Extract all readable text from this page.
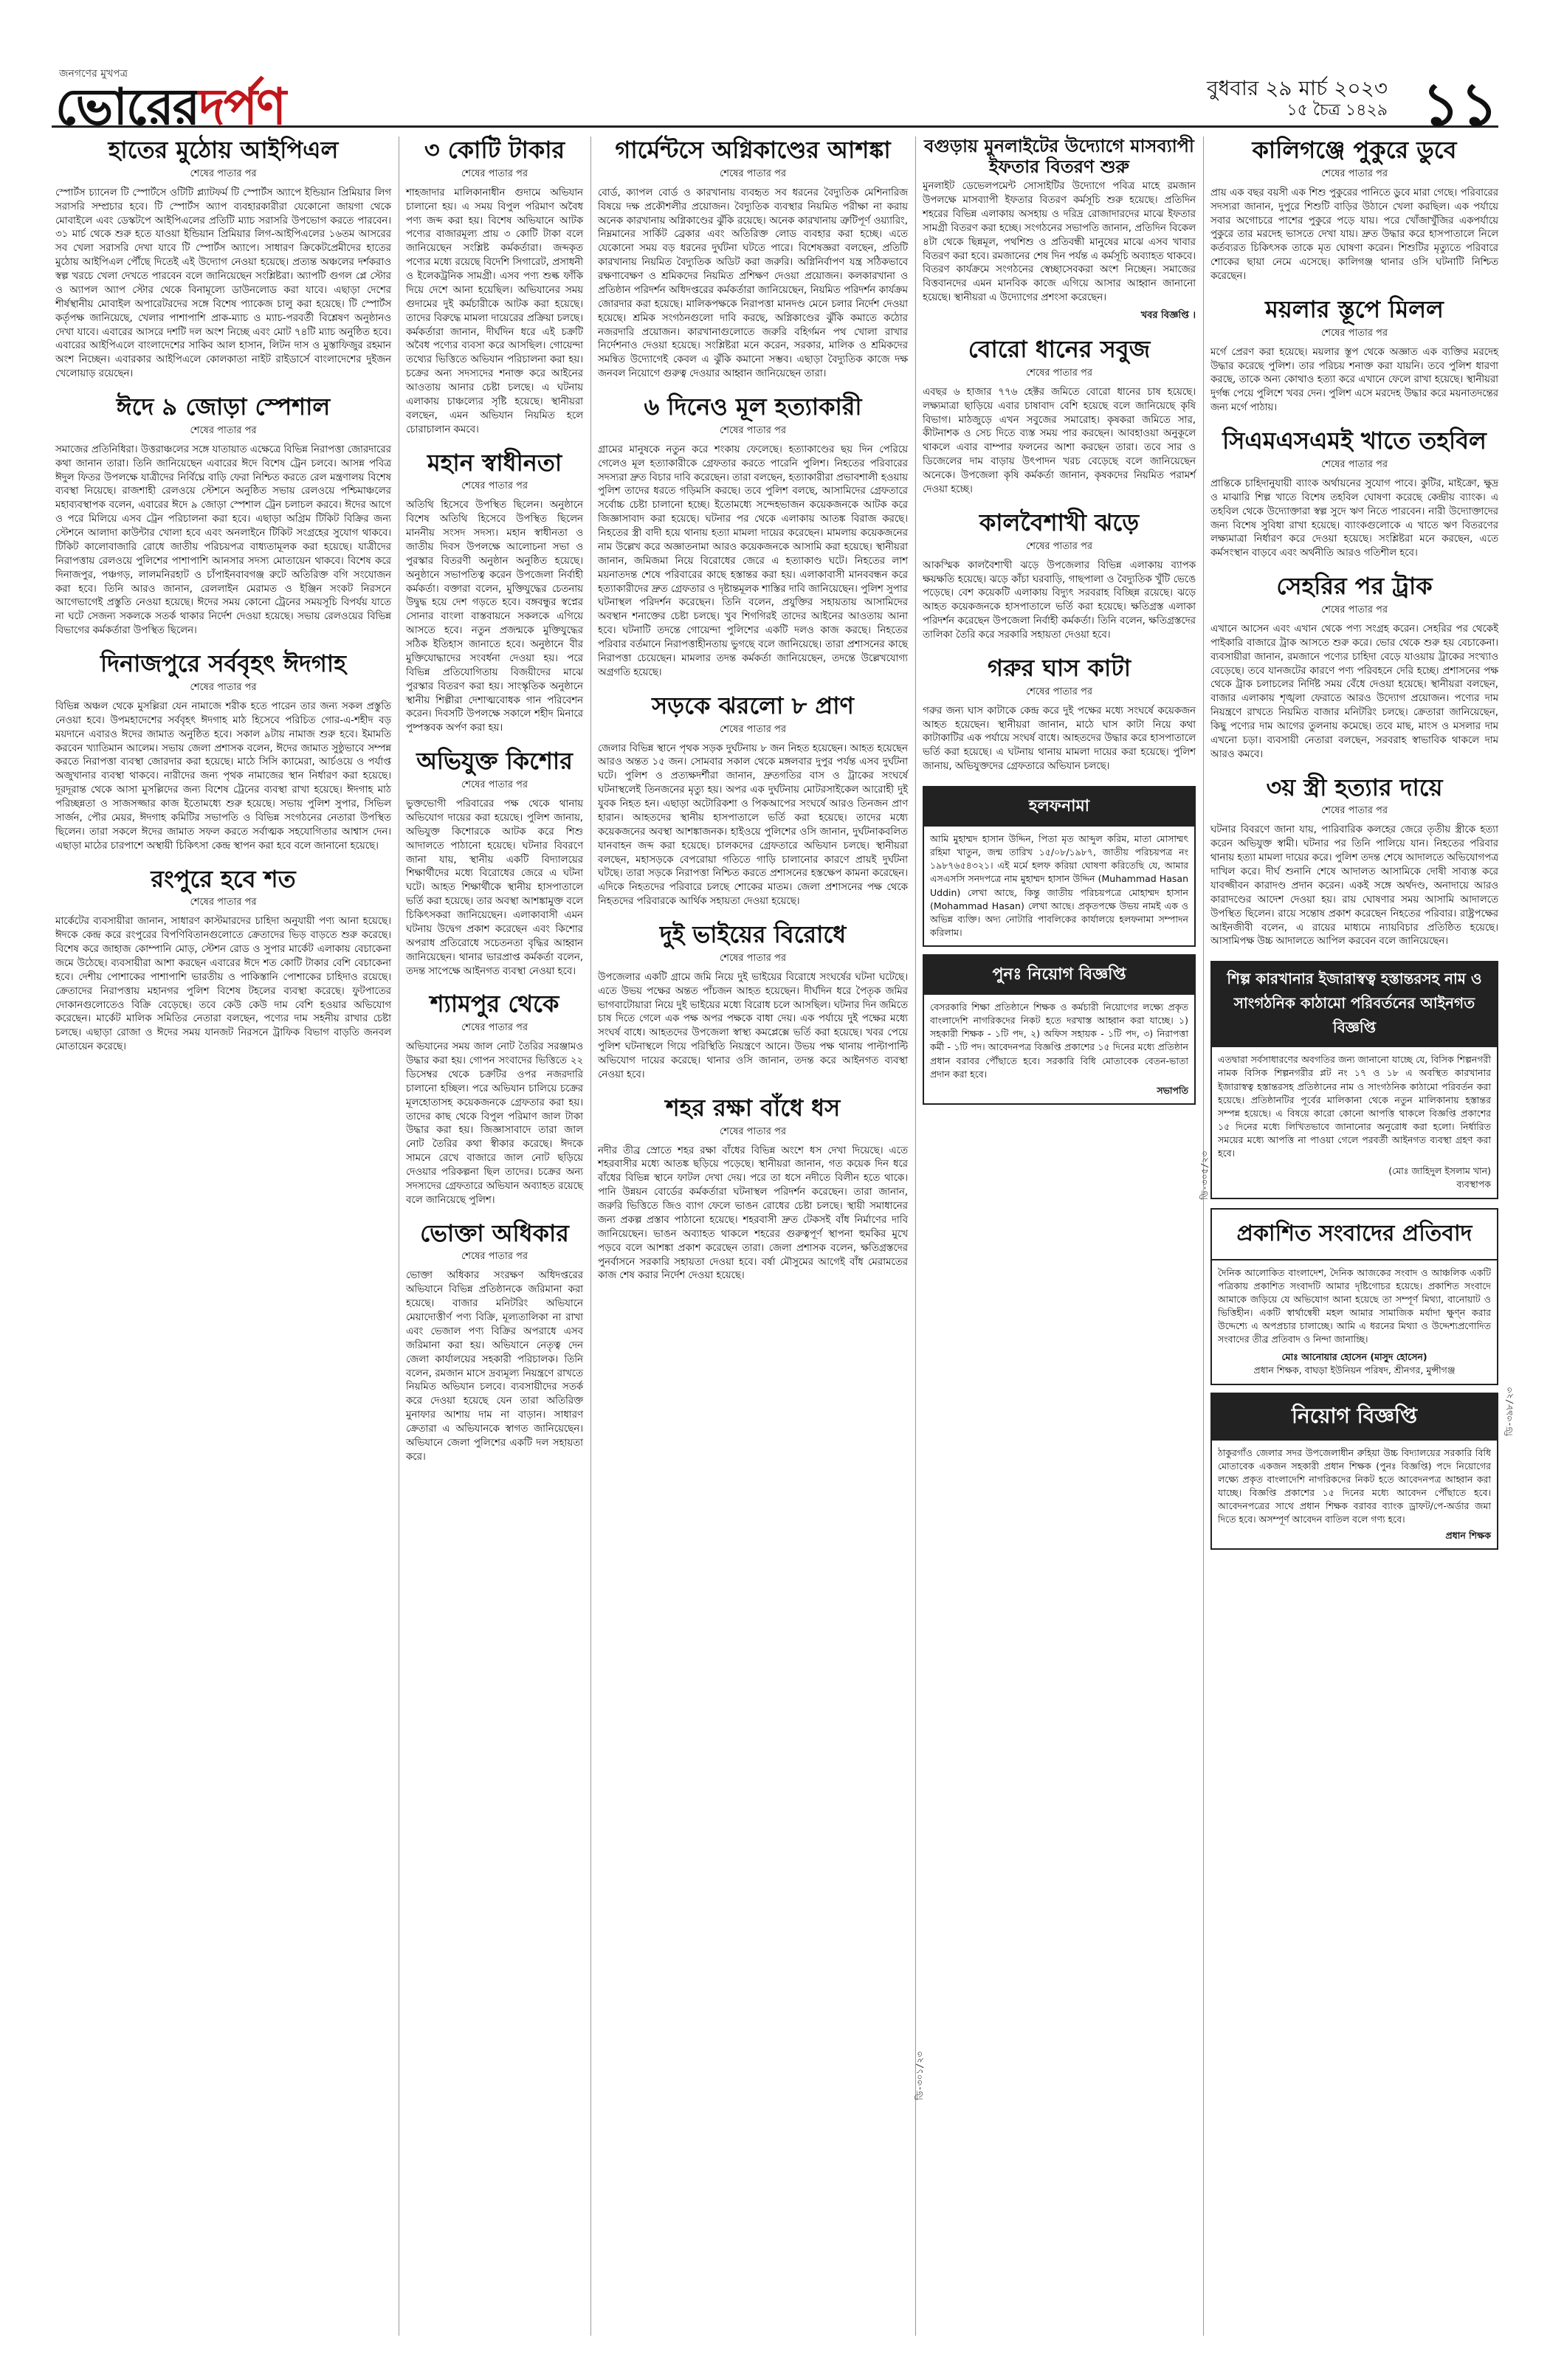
জনগণের মুখপত্র
ভোরেরদর্পণ	বুধবার ২৯ মার্চ ২০২৩
১৫ চৈত্র ১৪২৯ ১১
হাতের মুঠোয় আইপিএল
শেষের পাতার পর

স্পোর্টস চ্যানেল টি স্পোর্টসে ওটিটি প্ল্যাটফর্ম টি স্পোর্টস অ্যাপে ইন্ডিয়ান প্রিমিয়ার লিগ সরাসরি সম্প্রচার হবে। টি স্পোর্টস অ্যাপ ব্যবহারকারীরা যেকোনো জায়গা থেকে মোবাইলে এবং ডেস্কটপে আইপিএলের প্রতিটি ম্যাচ সরাসরি উপভোগ করতে পারবেন। ৩১ মার্চ থেকে শুরু হতে যাওয়া ইন্ডিয়ান প্রিমিয়ার লিগ-আইপিএলের ১৬তম আসরের সব খেলা সরাসরি দেখা যাবে টি স্পোর্টস অ্যাপে। সাধারণ ক্রিকেটপ্রেমীদের হাতের মুঠোয় আইপিএল পৌঁছে দিতেই এই উদ্যোগ নেওয়া হয়েছে। প্রত্যন্ত অঞ্চলের দর্শকরাও স্বল্প খরচে খেলা দেখতে পারবেন বলে জানিয়েছেন সংশ্লিষ্টরা। অ্যাপটি গুগল প্লে স্টোর ও অ্যাপল অ্যাপ স্টোর থেকে বিনামূল্যে ডাউনলোড করা যাবে। এছাড়া দেশের শীর্ষস্থানীয় মোবাইল অপারেটরদের সঙ্গে বিশেষ প্যাকেজ চালু করা হয়েছে। টি স্পোর্টস কর্তৃপক্ষ জানিয়েছে, খেলার পাশাপাশি প্রাক-ম্যাচ ও ম্যাচ-পরবর্তী বিশ্লেষণ অনুষ্ঠানও দেখা যাবে। এবারের আসরে দশটি দল অংশ নিচ্ছে এবং মোট ৭৪টি ম্যাচ অনুষ্ঠিত হবে। এবারের আইপিএলে বাংলাদেশের সাকিব আল হাসান, লিটন দাস ও মুস্তাফিজুর রহমান অংশ নিচ্ছেন। এবারকার আইপিএলে কোলকাতা নাইট রাইডার্সে বাংলাদেশের দুইজন খেলোয়াড় রয়েছেন।

ঈদে ৯ জোড়া স্পেশাল
শেষের পাতার পর

সমাজের প্রতিনিধিরা। উত্তরাঞ্চলের সঙ্গে যাতায়াত এক্ষেত্রে বিভিন্ন নিরাপত্তা জোরদারের কথা জানান তারা। তিনি জানিয়েছেন এবারের ঈদে বিশেষ ট্রেন চলবে। আসন্ন পবিত্র ঈদুল ফিতর উপলক্ষে যাত্রীদের নির্বিঘ্নে বাড়ি ফেরা নিশ্চিত করতে রেল মন্ত্রণালয় বিশেষ ব্যবস্থা নিয়েছে। রাজশাহী রেলওয়ে স্টেশনে অনুষ্ঠিত সভায় রেলওয়ে পশ্চিমাঞ্চলের মহাব্যবস্থাপক বলেন, এবারের ঈদে ৯ জোড়া স্পেশাল ট্রেন চলাচল করবে। ঈদের আগে ও পরে মিলিয়ে এসব ট্রেন পরিচালনা করা হবে। এছাড়া অগ্রিম টিকিট বিক্রির জন্য স্টেশনে আলাদা কাউন্টার খোলা হবে এবং অনলাইনে টিকিট সংগ্রহের সুযোগ থাকবে। টিকিট কালোবাজারি রোধে জাতীয় পরিচয়পত্র বাধ্যতামূলক করা হয়েছে। যাত্রীদের নিরাপত্তায় রেলওয়ে পুলিশের পাশাপাশি আনসার সদস্য মোতায়েন থাকবে। বিশেষ করে দিনাজপুর, পঞ্চগড়, লালমনিরহাট ও চাঁপাইনবাবগঞ্জ রুটে অতিরিক্ত বগি সংযোজন করা হবে। তিনি আরও জানান, রেললাইন মেরামত ও ইঞ্জিন সংকট নিরসনে আগেভাগেই প্রস্তুতি নেওয়া হয়েছে। ঈদের সময় কোনো ট্রেনের সময়সূচি বিপর্যয় যাতে না ঘটে সেজন্য সকলকে সতর্ক থাকার নির্দেশ দেওয়া হয়েছে। সভায় রেলওয়ের বিভিন্ন বিভাগের কর্মকর্তারা উপস্থিত ছিলেন।

দিনাজপুরে সর্ববৃহৎ ঈদগাহ
শেষের পাতার পর

বিভিন্ন অঞ্চল থেকে মুসল্লিরা যেন নামাজে শরীক হতে পারেন তার জন্য সকল প্রস্তুতি নেওয়া হবে। উপমহাদেশের সর্ববৃহৎ ঈদগাহ মাঠ হিসেবে পরিচিত গোর-এ-শহীদ বড় ময়দানে এবারও ঈদের জামাত অনুষ্ঠিত হবে। সকাল ৯টায় নামাজ শুরু হবে। ইমামতি করবেন খ্যাতিমান আলেম। সভায় জেলা প্রশাসক বলেন, ঈদের জামাত সুষ্ঠুভাবে সম্পন্ন করতে নিরাপত্তা ব্যবস্থা জোরদার করা হয়েছে। মাঠে সিসি ক্যামেরা, আর্চওয়ে ও পর্যাপ্ত অজুখানার ব্যবস্থা থাকবে। নারীদের জন্য পৃথক নামাজের স্থান নির্ধারণ করা হয়েছে। দূরদূরান্ত থেকে আসা মুসল্লিদের জন্য বিশেষ ট্রেনের ব্যবস্থা রাখা হয়েছে। ঈদগাহ মাঠ পরিচ্ছন্নতা ও সাজসজ্জার কাজ ইতোমধ্যে শুরু হয়েছে। সভায় পুলিশ সুপার, সিভিল সার্জন, পৌর মেয়র, ঈদগাহ কমিটির সভাপতি ও বিভিন্ন সংগঠনের নেতারা উপস্থিত ছিলেন। তারা সকলে ঈদের জামাত সফল করতে সর্বাত্মক সহযোগিতার আশ্বাস দেন। এছাড়া মাঠের চারপাশে অস্থায়ী চিকিৎসা কেন্দ্র স্থাপন করা হবে বলে জানানো হয়েছে।

রংপুরে হবে শত
শেষের পাতার পর

মার্কেটের ব্যবসায়ীরা জানান, সাধারণ কাস্টমারদের চাহিদা অনুযায়ী পণ্য আনা হয়েছে। ঈদকে কেন্দ্র করে রংপুরের বিপণিবিতানগুলোতে ক্রেতাদের ভিড় বাড়তে শুরু করেছে। বিশেষ করে জাহাজ কোম্পানি মোড়, স্টেশন রোড ও সুপার মার্কেট এলাকায় বেচাকেনা জমে উঠেছে। ব্যবসায়ীরা আশা করছেন এবারের ঈদে শত কোটি টাকার বেশি বেচাকেনা হবে। দেশীয় পোশাকের পাশাপাশি ভারতীয় ও পাকিস্তানি পোশাকের চাহিদাও রয়েছে। ক্রেতাদের নিরাপত্তায় মহানগর পুলিশ বিশেষ টহলের ব্যবস্থা করেছে। ফুটপাতের দোকানগুলোতেও বিক্রি বেড়েছে। তবে কেউ কেউ দাম বেশি হওয়ার অভিযোগ করেছেন। মার্কেট মালিক সমিতির নেতারা বলছেন, পণ্যের দাম সহনীয় রাখার চেষ্টা চলছে। এছাড়া রোজা ও ঈদের সময় যানজট নিরসনে ট্রাফিক বিভাগ বাড়তি জনবল মোতায়েন করেছে।

৩ কোটি টাকার
শেষের পাতার পর

শাহজাদার মালিকানাধীন গুদামে অভিযান চালানো হয়। এ সময় বিপুল পরিমাণ অবৈধ পণ্য জব্দ করা হয়। বিশেষ অভিযানে আটক পণ্যের বাজারমূল্য প্রায় ৩ কোটি টাকা বলে জানিয়েছেন সংশ্লিষ্ট কর্মকর্তারা। জব্দকৃত পণ্যের মধ্যে রয়েছে বিদেশি সিগারেট, প্রসাধনী ও ইলেকট্রনিক সামগ্রী। এসব পণ্য শুল্ক ফাঁকি দিয়ে দেশে আনা হয়েছিল। অভিযানের সময় গুদামের দুই কর্মচারীকে আটক করা হয়েছে। তাদের বিরুদ্ধে মামলা দায়েরের প্রক্রিয়া চলছে। কর্মকর্তারা জানান, দীর্ঘদিন ধরে এই চক্রটি অবৈধ পণ্যের ব্যবসা করে আসছিল। গোয়েন্দা তথ্যের ভিত্তিতে অভিযান পরিচালনা করা হয়। চক্রের অন্য সদস্যদের শনাক্ত করে আইনের আওতায় আনার চেষ্টা চলছে। এ ঘটনায় এলাকায় চাঞ্চল্যের সৃষ্টি হয়েছে। স্থানীয়রা বলছেন, এমন অভিযান নিয়মিত হলে চোরাচালান কমবে।

মহান স্বাধীনতা
শেষের পাতার পর

অতিথি হিসেবে উপস্থিত ছিলেন। অনুষ্ঠানে বিশেষ অতিথি হিসেবে উপস্থিত ছিলেন মাননীয় সংসদ সদস্য। মহান স্বাধীনতা ও জাতীয় দিবস উপলক্ষে আলোচনা সভা ও পুরস্কার বিতরণী অনুষ্ঠান অনুষ্ঠিত হয়েছে। অনুষ্ঠানে সভাপতিত্ব করেন উপজেলা নির্বাহী কর্মকর্তা। বক্তারা বলেন, মুক্তিযুদ্ধের চেতনায় উদ্বুদ্ধ হয়ে দেশ গড়তে হবে। বঙ্গবন্ধুর স্বপ্নের সোনার বাংলা বাস্তবায়নে সকলকে এগিয়ে আসতে হবে। নতুন প্রজন্মকে মুক্তিযুদ্ধের সঠিক ইতিহাস জানাতে হবে। অনুষ্ঠানে বীর মুক্তিযোদ্ধাদের সংবর্ধনা দেওয়া হয়। পরে বিভিন্ন প্রতিযোগিতায় বিজয়ীদের মাঝে পুরস্কার বিতরণ করা হয়। সাংস্কৃতিক অনুষ্ঠানে স্থানীয় শিল্পীরা দেশাত্মবোধক গান পরিবেশন করেন। দিবসটি উপলক্ষে সকালে শহীদ মিনারে পুষ্পস্তবক অর্পণ করা হয়।

অভিযুক্ত কিশোর
শেষের পাতার পর

ভুক্তভোগী পরিবারের পক্ষ থেকে থানায় অভিযোগ দায়ের করা হয়েছে। পুলিশ জানায়, অভিযুক্ত কিশোরকে আটক করে শিশু আদালতে পাঠানো হয়েছে। ঘটনার বিবরণে জানা যায়, স্থানীয় একটি বিদ্যালয়ের শিক্ষার্থীদের মধ্যে বিরোধের জেরে এ ঘটনা ঘটে। আহত শিক্ষার্থীকে স্থানীয় হাসপাতালে ভর্তি করা হয়েছে। তার অবস্থা আশঙ্কামুক্ত বলে চিকিৎসকরা জানিয়েছেন। এলাকাবাসী এমন ঘটনায় উদ্বেগ প্রকাশ করেছেন এবং কিশোর অপরাধ প্রতিরোধে সচেতনতা বৃদ্ধির আহ্বান জানিয়েছেন। থানার ভারপ্রাপ্ত কর্মকর্তা বলেন, তদন্ত সাপেক্ষে আইনগত ব্যবস্থা নেওয়া হবে।

শ্যামপুর থেকে
শেষের পাতার পর

অভিযানের সময় জাল নোট তৈরির সরঞ্জামও উদ্ধার করা হয়। গোপন সংবাদের ভিত্তিতে ২২ ডিসেম্বর থেকে চক্রটির ওপর নজরদারি চালানো হচ্ছিল। পরে অভিযান চালিয়ে চক্রের মূলহোতাসহ কয়েকজনকে গ্রেফতার করা হয়। তাদের কাছ থেকে বিপুল পরিমাণ জাল টাকা উদ্ধার করা হয়। জিজ্ঞাসাবাদে তারা জাল নোট তৈরির কথা স্বীকার করেছে। ঈদকে সামনে রেখে বাজারে জাল নোট ছড়িয়ে দেওয়ার পরিকল্পনা ছিল তাদের। চক্রের অন্য সদস্যদের গ্রেফতারে অভিযান অব্যাহত রয়েছে বলে জানিয়েছে পুলিশ।

ভোক্তা অধিকার
শেষের পাতার পর

ভোক্তা অধিকার সংরক্ষণ অধিদপ্তরের অভিযানে বিভিন্ন প্রতিষ্ঠানকে জরিমানা করা হয়েছে। বাজার মনিটরিং অভিযানে মেয়াদোত্তীর্ণ পণ্য বিক্রি, মূল্যতালিকা না রাখা এবং ভেজাল পণ্য বিক্রির অপরাধে এসব জরিমানা করা হয়। অভিযানে নেতৃত্ব দেন জেলা কার্যালয়ের সহকারী পরিচালক। তিনি বলেন, রমজান মাসে দ্রব্যমূল্য নিয়ন্ত্রণে রাখতে নিয়মিত অভিযান চলবে। ব্যবসায়ীদের সতর্ক করে দেওয়া হয়েছে যেন তারা অতিরিক্ত মুনাফার আশায় দাম না বাড়ান। সাধারণ ক্রেতারা এ অভিযানকে স্বাগত জানিয়েছেন। অভিযানে জেলা পুলিশের একটি দল সহায়তা করে।

গার্মেন্টসে অগ্নিকাণ্ডের আশঙ্কা
শেষের পাতার পর

বোর্ড, ক্যাপল বোর্ড ও কারখানায় ব্যবহৃত সব ধরনের বৈদ্যুতিক মেশিনারিজ বিষয়ে দক্ষ প্রকৌশলীর প্রয়োজন। বৈদ্যুতিক ব্যবস্থার নিয়মিত পরীক্ষা না করায় অনেক কারখানায় অগ্নিকাণ্ডের ঝুঁকি রয়েছে। অনেক কারখানায় ত্রুটিপূর্ণ ওয়্যারিং, নিম্নমানের সার্কিট ব্রেকার এবং অতিরিক্ত লোড ব্যবহার করা হচ্ছে। এতে যেকোনো সময় বড় ধরনের দুর্ঘটনা ঘটতে পারে। বিশেষজ্ঞরা বলছেন, প্রতিটি কারখানায় নিয়মিত বৈদ্যুতিক অডিট করা জরুরি। অগ্নিনির্বাপণ যন্ত্র সঠিকভাবে রক্ষণাবেক্ষণ ও শ্রমিকদের নিয়মিত প্রশিক্ষণ দেওয়া প্রয়োজন। কলকারখানা ও প্রতিষ্ঠান পরিদর্শন অধিদপ্তরের কর্মকর্তারা জানিয়েছেন, নিয়মিত পরিদর্শন কার্যক্রম জোরদার করা হয়েছে। মালিকপক্ষকে নিরাপত্তা মানদণ্ড মেনে চলার নির্দেশ দেওয়া হয়েছে। শ্রমিক সংগঠনগুলো দাবি করছে, অগ্নিকাণ্ডের ঝুঁকি কমাতে কঠোর নজরদারি প্রয়োজন। কারখানাগুলোতে জরুরি বহির্গমন পথ খোলা রাখার নির্দেশনাও দেওয়া হয়েছে। সংশ্লিষ্টরা মনে করেন, সরকার, মালিক ও শ্রমিকদের সমন্বিত উদ্যোগেই কেবল এ ঝুঁকি কমানো সম্ভব। এছাড়া বৈদ্যুতিক কাজে দক্ষ জনবল নিয়োগে গুরুত্ব দেওয়ার আহ্বান জানিয়েছেন তারা।

৬ দিনেও মূল হত্যাকারী
শেষের পাতার পর

গ্রামের মানুষকে নতুন করে শংকায় ফেলেছে। হত্যাকাণ্ডের ছয় দিন পেরিয়ে গেলেও মূল হত্যাকারীকে গ্রেফতার করতে পারেনি পুলিশ। নিহতের পরিবারের সদস্যরা দ্রুত বিচার দাবি করেছেন। তারা বলছেন, হত্যাকারীরা প্রভাবশালী হওয়ায় পুলিশ তাদের ধরতে গড়িমসি করছে। তবে পুলিশ বলছে, আসামিদের গ্রেফতারে সর্বোচ্চ চেষ্টা চালানো হচ্ছে। ইতোমধ্যে সন্দেহভাজন কয়েকজনকে আটক করে জিজ্ঞাসাবাদ করা হয়েছে। ঘটনার পর থেকে এলাকায় আতঙ্ক বিরাজ করছে। নিহতের স্ত্রী বাদী হয়ে থানায় হত্যা মামলা দায়ের করেছেন। মামলায় কয়েকজনের নাম উল্লেখ করে অজ্ঞাতনামা আরও কয়েকজনকে আসামি করা হয়েছে। স্থানীয়রা জানান, জমিজমা নিয়ে বিরোধের জেরে এ হত্যাকাণ্ড ঘটে। নিহতের লাশ ময়নাতদন্ত শেষে পরিবারের কাছে হস্তান্তর করা হয়। এলাকাবাসী মানববন্ধন করে হত্যাকারীদের দ্রুত গ্রেফতার ও দৃষ্টান্তমূলক শাস্তির দাবি জানিয়েছেন। পুলিশ সুপার ঘটনাস্থল পরিদর্শন করেছেন। তিনি বলেন, প্রযুক্তির সহায়তায় আসামিদের অবস্থান শনাক্তের চেষ্টা চলছে। খুব শিগগিরই তাদের আইনের আওতায় আনা হবে। ঘটনাটি তদন্তে গোয়েন্দা পুলিশের একটি দলও কাজ করছে। নিহতের পরিবার বর্তমানে নিরাপত্তাহীনতায় ভুগছে বলে জানিয়েছে। তারা প্রশাসনের কাছে নিরাপত্তা চেয়েছেন। মামলার তদন্ত কর্মকর্তা জানিয়েছেন, তদন্তে উল্লেখযোগ্য অগ্রগতি হয়েছে।

সড়কে ঝরলো ৮ প্রাণ
শেষের পাতার পর

জেলার বিভিন্ন স্থানে পৃথক সড়ক দুর্ঘটনায় ৮ জন নিহত হয়েছেন। আহত হয়েছেন আরও অন্তত ১৫ জন। সোমবার সকাল থেকে মঙ্গলবার দুপুর পর্যন্ত এসব দুর্ঘটনা ঘটে। পুলিশ ও প্রত্যক্ষদর্শীরা জানান, দ্রুতগতির বাস ও ট্রাকের সংঘর্ষে ঘটনাস্থলেই তিনজনের মৃত্যু হয়। অপর এক দুর্ঘটনায় মোটরসাইকেল আরোহী দুই যুবক নিহত হন। এছাড়া অটোরিকশা ও পিকআপের সংঘর্ষে আরও তিনজন প্রাণ হারান। আহতদের স্থানীয় হাসপাতালে ভর্তি করা হয়েছে। তাদের মধ্যে কয়েকজনের অবস্থা আশঙ্কাজনক। হাইওয়ে পুলিশের ওসি জানান, দুর্ঘটনাকবলিত যানবাহন জব্দ করা হয়েছে। চালকদের গ্রেফতারে অভিযান চলছে। স্থানীয়রা বলছেন, মহাসড়কে বেপরোয়া গতিতে গাড়ি চালানোর কারণে প্রায়ই দুর্ঘটনা ঘটছে। তারা সড়কে নিরাপত্তা নিশ্চিত করতে প্রশাসনের হস্তক্ষেপ কামনা করেছেন। এদিকে নিহতদের পরিবারে চলছে শোকের মাতম। জেলা প্রশাসনের পক্ষ থেকে নিহতদের পরিবারকে আর্থিক সহায়তা দেওয়া হয়েছে।

দুই ভাইয়ের বিরোধে
শেষের পাতার পর

উপজেলার একটি গ্রামে জমি নিয়ে দুই ভাইয়ের বিরোধে সংঘর্ষের ঘটনা ঘটেছে। এতে উভয় পক্ষের অন্তত পাঁচজন আহত হয়েছেন। দীর্ঘদিন ধরে পৈতৃক জমির ভাগবাটোয়ারা নিয়ে দুই ভাইয়ের মধ্যে বিরোধ চলে আসছিল। ঘটনার দিন জমিতে চাষ দিতে গেলে এক পক্ষ অপর পক্ষকে বাধা দেয়। এক পর্যায়ে দুই পক্ষের মধ্যে সংঘর্ষ বাধে। আহতদের উপজেলা স্বাস্থ্য কমপ্লেক্সে ভর্তি করা হয়েছে। খবর পেয়ে পুলিশ ঘটনাস্থলে গিয়ে পরিস্থিতি নিয়ন্ত্রণে আনে। উভয় পক্ষ থানায় পাল্টাপাল্টি অভিযোগ দায়ের করেছে। থানার ওসি জানান, তদন্ত করে আইনগত ব্যবস্থা নেওয়া হবে।

শহর রক্ষা বাঁধে ধস
শেষের পাতার পর

নদীর তীব্র স্রোতে শহর রক্ষা বাঁধের বিভিন্ন অংশে ধস দেখা দিয়েছে। এতে শহরবাসীর মধ্যে আতঙ্ক ছড়িয়ে পড়েছে। স্থানীয়রা জানান, গত কয়েক দিন ধরে বাঁধের বিভিন্ন স্থানে ফাটল দেখা দেয়। পরে তা ধসে নদীতে বিলীন হতে থাকে। পানি উন্নয়ন বোর্ডের কর্মকর্তারা ঘটনাস্থল পরিদর্শন করেছেন। তারা জানান, জরুরি ভিত্তিতে জিও ব্যাগ ফেলে ভাঙন রোধের চেষ্টা চলছে। স্থায়ী সমাধানের জন্য প্রকল্প প্রস্তাব পাঠানো হয়েছে। শহরবাসী দ্রুত টেকসই বাঁধ নির্মাণের দাবি জানিয়েছেন। ভাঙন অব্যাহত থাকলে শহরের গুরুত্বপূর্ণ স্থাপনা হুমকির মুখে পড়বে বলে আশঙ্কা প্রকাশ করেছেন তারা। জেলা প্রশাসক বলেন, ক্ষতিগ্রস্তদের পুনর্বাসনে সরকারি সহায়তা দেওয়া হবে। বর্ষা মৌসুমের আগেই বাঁধ মেরামতের কাজ শেষ করার নির্দেশ দেওয়া হয়েছে।

বগুড়ায় মুনলাইটের উদ্যোগে মাসব্যাপী ইফতার বিতরণ শুরু

মুনলাইট ডেভেলপমেন্ট সোসাইটির উদ্যোগে পবিত্র মাহে রমজান উপলক্ষে মাসব্যাপী ইফতার বিতরণ কর্মসূচি শুরু হয়েছে। প্রতিদিন শহরের বিভিন্ন এলাকায় অসহায় ও দরিদ্র রোজাদারদের মাঝে ইফতার সামগ্রী বিতরণ করা হচ্ছে। সংগঠনের সভাপতি জানান, প্রতিদিন বিকেল ৪টা থেকে ছিন্নমূল, পথশিশু ও প্রতিবন্ধী মানুষের মাঝে এসব খাবার বিতরণ করা হবে। রমজানের শেষ দিন পর্যন্ত এ কর্মসূচি অব্যাহত থাকবে। বিতরণ কার্যক্রমে সংগঠনের স্বেচ্ছাসেবকরা অংশ নিচ্ছেন। সমাজের বিত্তবানদের এমন মানবিক কাজে এগিয়ে আসার আহ্বান জানানো হয়েছে। স্থানীয়রা এ উদ্যোগের প্রশংসা করেছেন।

খবর বিজ্ঞপ্তি ।
বোরো ধানের সবুজ
শেষের পাতার পর

এবছর ৬ হাজার ৭৭৬ হেক্টর জমিতে বোরো ধানের চাষ হয়েছে। লক্ষ্যমাত্রা ছাড়িয়ে এবার চাষাবাদ বেশি হয়েছে বলে জানিয়েছে কৃষি বিভাগ। মাঠজুড়ে এখন সবুজের সমারোহ। কৃষকরা জমিতে সার, কীটনাশক ও সেচ দিতে ব্যস্ত সময় পার করছেন। আবহাওয়া অনুকূলে থাকলে এবার বাম্পার ফলনের আশা করছেন তারা। তবে সার ও ডিজেলের দাম বাড়ায় উৎপাদন খরচ বেড়েছে বলে জানিয়েছেন অনেকে। উপজেলা কৃষি কর্মকর্তা জানান, কৃষকদের নিয়মিত পরামর্শ দেওয়া হচ্ছে।

কালবৈশাখী ঝড়ে
শেষের পাতার পর

আকস্মিক কালবৈশাখী ঝড়ে উপজেলার বিভিন্ন এলাকায় ব্যাপক ক্ষয়ক্ষতি হয়েছে। ঝড়ে কাঁচা ঘরবাড়ি, গাছপালা ও বৈদ্যুতিক খুঁটি ভেঙে পড়েছে। বেশ কয়েকটি এলাকায় বিদ্যুৎ সরবরাহ বিচ্ছিন্ন রয়েছে। ঝড়ে আহত কয়েকজনকে হাসপাতালে ভর্তি করা হয়েছে। ক্ষতিগ্রস্ত এলাকা পরিদর্শন করেছেন উপজেলা নির্বাহী কর্মকর্তা। তিনি বলেন, ক্ষতিগ্রস্তদের তালিকা তৈরি করে সরকারি সহায়তা দেওয়া হবে।

গরুর ঘাস কাটা
শেষের পাতার পর

গরুর জন্য ঘাস কাটাকে কেন্দ্র করে দুই পক্ষের মধ্যে সংঘর্ষে কয়েকজন আহত হয়েছেন। স্থানীয়রা জানান, মাঠে ঘাস কাটা নিয়ে কথা কাটাকাটির এক পর্যায়ে সংঘর্ষ বাধে। আহতদের উদ্ধার করে হাসপাতালে ভর্তি করা হয়েছে। এ ঘটনায় থানায় মামলা দায়ের করা হয়েছে। পুলিশ জানায়, অভিযুক্তদের গ্রেফতারে অভিযান চলছে।

হলফনামা
আমি মুহাম্মদ হাসান উদ্দিন, পিতা মৃত আব্দুল করিম, মাতা মোসাম্মৎ রহিমা খাতুন, জন্ম তারিখ ১৫/০৮/১৯৮৭, জাতীয় পরিচয়পত্র নং ১৯৮৭৬৫৪৩২১। এই মর্মে হলফ করিয়া ঘোষণা করিতেছি যে, আমার এসএসসি সনদপত্রে নাম মুহাম্মদ হাসান উদ্দিন (Muhammad Hasan Uddin) লেখা আছে, কিন্তু জাতীয় পরিচয়পত্রে মোহাম্মদ হাসান (Mohammad Hasan) লেখা আছে। প্রকৃতপক্ষে উভয় নামই এক ও অভিন্ন ব্যক্তি। অদ্য নোটারি পাবলিকের কার্যালয়ে হলফনামা সম্পাদন করিলাম।
পুনঃ নিয়োগ বিজ্ঞপ্তি
বেসরকারি শিক্ষা প্রতিষ্ঠানে শিক্ষক ও কর্মচারী নিয়োগের লক্ষ্যে প্রকৃত বাংলাদেশি নাগরিকদের নিকট হতে দরখাস্ত আহ্বান করা যাচ্ছে। ১) সহকারী শিক্ষক - ১টি পদ, ২) অফিস সহায়ক - ১টি পদ, ৩) নিরাপত্তা কর্মী - ১টি পদ। আবেদনপত্র বিজ্ঞপ্তি প্রকাশের ১৫ দিনের মধ্যে প্রতিষ্ঠান প্রধান বরাবর পৌঁছাতে হবে। সরকারি বিধি মোতাবেক বেতন-ভাতা প্রদান করা হবে।
সভাপতি
কালিগঞ্জে পুকুরে ডুবে
শেষের পাতার পর

প্রায় এক বছর বয়সী এক শিশু পুকুরের পানিতে ডুবে মারা গেছে। পরিবারের সদস্যরা জানান, দুপুরে শিশুটি বাড়ির উঠানে খেলা করছিল। এক পর্যায়ে সবার অগোচরে পাশের পুকুরে পড়ে যায়। পরে খোঁজাখুঁজির একপর্যায়ে পুকুরে তার মরদেহ ভাসতে দেখা যায়। দ্রুত উদ্ধার করে হাসপাতালে নিলে কর্তব্যরত চিকিৎসক তাকে মৃত ঘোষণা করেন। শিশুটির মৃত্যুতে পরিবারে শোকের ছায়া নেমে এসেছে। কালিগঞ্জ থানার ওসি ঘটনাটি নিশ্চিত করেছেন।

ময়লার স্তূপে মিলল
শেষের পাতার পর

মর্গে প্রেরণ করা হয়েছে। ময়লার স্তূপ থেকে অজ্ঞাত এক ব্যক্তির মরদেহ উদ্ধার করেছে পুলিশ। তার পরিচয় শনাক্ত করা যায়নি। তবে পুলিশ ধারণা করছে, তাকে অন্য কোথাও হত্যা করে এখানে ফেলে রাখা হয়েছে। স্থানীয়রা দুর্গন্ধ পেয়ে পুলিশে খবর দেন। পুলিশ এসে মরদেহ উদ্ধার করে ময়নাতদন্তের জন্য মর্গে পাঠায়।

সিএমএসএমই খাতে তহবিল
শেষের পাতার পর

প্রান্তিকে চাহিদানুযায়ী ব্যাংক অর্থায়নের সুযোগ পাবে। কুটির, মাইক্রো, ক্ষুদ্র ও মাঝারি শিল্প খাতে বিশেষ তহবিল ঘোষণা করেছে কেন্দ্রীয় ব্যাংক। এ তহবিল থেকে উদ্যোক্তারা স্বল্প সুদে ঋণ নিতে পারবেন। নারী উদ্যোক্তাদের জন্য বিশেষ সুবিধা রাখা হয়েছে। ব্যাংকগুলোকে এ খাতে ঋণ বিতরণের লক্ষ্যমাত্রা নির্ধারণ করে দেওয়া হয়েছে। সংশ্লিষ্টরা মনে করছেন, এতে কর্মসংস্থান বাড়বে এবং অর্থনীতি আরও গতিশীল হবে।

সেহরির পর ট্রাক
শেষের পাতার পর

এখানে আসেন এবং এখান থেকে পণ্য সংগ্রহ করেন। সেহরির পর থেকেই পাইকারি বাজারে ট্রাক আসতে শুরু করে। ভোর থেকে শুরু হয় বেচাকেনা। ব্যবসায়ীরা জানান, রমজানে পণ্যের চাহিদা বেড়ে যাওয়ায় ট্রাকের সংখ্যাও বেড়েছে। তবে যানজটের কারণে পণ্য পরিবহনে দেরি হচ্ছে। প্রশাসনের পক্ষ থেকে ট্রাক চলাচলের নির্দিষ্ট সময় বেঁধে দেওয়া হয়েছে। স্থানীয়রা বলছেন, বাজার এলাকায় শৃঙ্খলা ফেরাতে আরও উদ্যোগ প্রয়োজন। পণ্যের দাম নিয়ন্ত্রণে রাখতে নিয়মিত বাজার মনিটরিং চলছে। ক্রেতারা জানিয়েছেন, কিছু পণ্যের দাম আগের তুলনায় কমেছে। তবে মাছ, মাংস ও মসলার দাম এখনো চড়া। ব্যবসায়ী নেতারা বলছেন, সরবরাহ স্বাভাবিক থাকলে দাম আরও কমবে।

৩য় স্ত্রী হত্যার দায়ে
শেষের পাতার পর

ঘটনার বিবরণে জানা যায়, পারিবারিক কলহের জেরে তৃতীয় স্ত্রীকে হত্যা করেন অভিযুক্ত স্বামী। ঘটনার পর তিনি পালিয়ে যান। নিহতের পরিবার থানায় হত্যা মামলা দায়ের করে। পুলিশ তদন্ত শেষে আদালতে অভিযোগপত্র দাখিল করে। দীর্ঘ শুনানি শেষে আদালত আসামিকে দোষী সাব্যস্ত করে যাবজ্জীবন কারাদণ্ড প্রদান করেন। একই সঙ্গে অর্থদণ্ড, অনাদায়ে আরও কারাদণ্ডের আদেশ দেওয়া হয়। রায় ঘোষণার সময় আসামি আদালতে উপস্থিত ছিলেন। রায়ে সন্তোষ প্রকাশ করেছেন নিহতের পরিবার। রাষ্ট্রপক্ষের আইনজীবী বলেন, এ রায়ের মাধ্যমে ন্যায়বিচার প্রতিষ্ঠিত হয়েছে। আসামিপক্ষ উচ্চ আদালতে আপিল করবেন বলে জানিয়েছেন।

শিল্প কারখানার ইজারাস্বত্ব হস্তান্তরসহ নাম ও সাংগঠনিক কাঠামো পরিবর্তনের আইনগত বিজ্ঞপ্তি
এতদ্বারা সর্বসাধারণের অবগতির জন্য জানানো যাচ্ছে যে, বিসিক শিল্পনগরী নামক বিসিক শিল্পনগরীর প্লট নং ১৭ ও ১৮ এ অবস্থিত কারখানার ইজারাস্বত্ব হস্তান্তরসহ প্রতিষ্ঠানের নাম ও সাংগঠনিক কাঠামো পরিবর্তন করা হয়েছে। প্রতিষ্ঠানটির পূর্বের মালিকানা থেকে নতুন মালিকানায় হস্তান্তর সম্পন্ন হয়েছে। এ বিষয়ে কারো কোনো আপত্তি থাকলে বিজ্ঞপ্তি প্রকাশের ১৫ দিনের মধ্যে লিখিতভাবে জানানোর অনুরোধ করা হলো। নির্ধারিত সময়ের মধ্যে আপত্তি না পাওয়া গেলে পরবর্তী আইনগত ব্যবস্থা গ্রহণ করা হবে।
(মোঃ জাহিদুল ইসলাম খান)
ব্যবস্থাপক
প্রকাশিত সংবাদের প্রতিবাদ
দৈনিক আলোকিত বাংলাদেশ, দৈনিক আজকের সংবাদ ও আঞ্চলিক একটি পত্রিকায় প্রকাশিত সংবাদটি আমার দৃষ্টিগোচর হয়েছে। প্রকাশিত সংবাদে আমাকে জড়িয়ে যে অভিযোগ আনা হয়েছে তা সম্পূর্ণ মিথ্যা, বানোয়াট ও ভিত্তিহীন। একটি স্বার্থান্বেষী মহল আমার সামাজিক মর্যাদা ক্ষুণ্ন করার উদ্দেশ্যে এ অপপ্রচার চালাচ্ছে। আমি এ ধরনের মিথ্যা ও উদ্দেশ্যপ্রণোদিত সংবাদের তীব্র প্রতিবাদ ও নিন্দা জানাচ্ছি।
মোঃ আনোয়ার হোসেন (মাসুদ হোসেন)
প্রধান শিক্ষক, বাঘড়া ইউনিয়ন পরিষদ, শ্রীনগর, মুন্সীগঞ্জ
নিয়োগ বিজ্ঞপ্তি
ঠাকুরগাঁও জেলার সদর উপজেলাধীন রুহিয়া উচ্চ বিদ্যালয়ের সরকারি বিধি মোতাবেক একজন সহকারী প্রধান শিক্ষক (পুনঃ বিজ্ঞপ্তি) পদে নিয়োগের লক্ষ্যে প্রকৃত বাংলাদেশি নাগরিকদের নিকট হতে আবেদনপত্র আহ্বান করা যাচ্ছে। বিজ্ঞপ্তি প্রকাশের ১৫ দিনের মধ্যে আবেদন পৌঁছাতে হবে। আবেদনপত্রের সাথে প্রধান শিক্ষক বরাবর ব্যাংক ড্রাফট/পে-অর্ডার জমা দিতে হবে। অসম্পূর্ণ আবেদন বাতিল বলে গণ্য হবে।
প্রধান শিক্ষক
ডি-৩০১/২৩
ডি-৩০৫/২৩
ডি-৩৯৮/২৩
